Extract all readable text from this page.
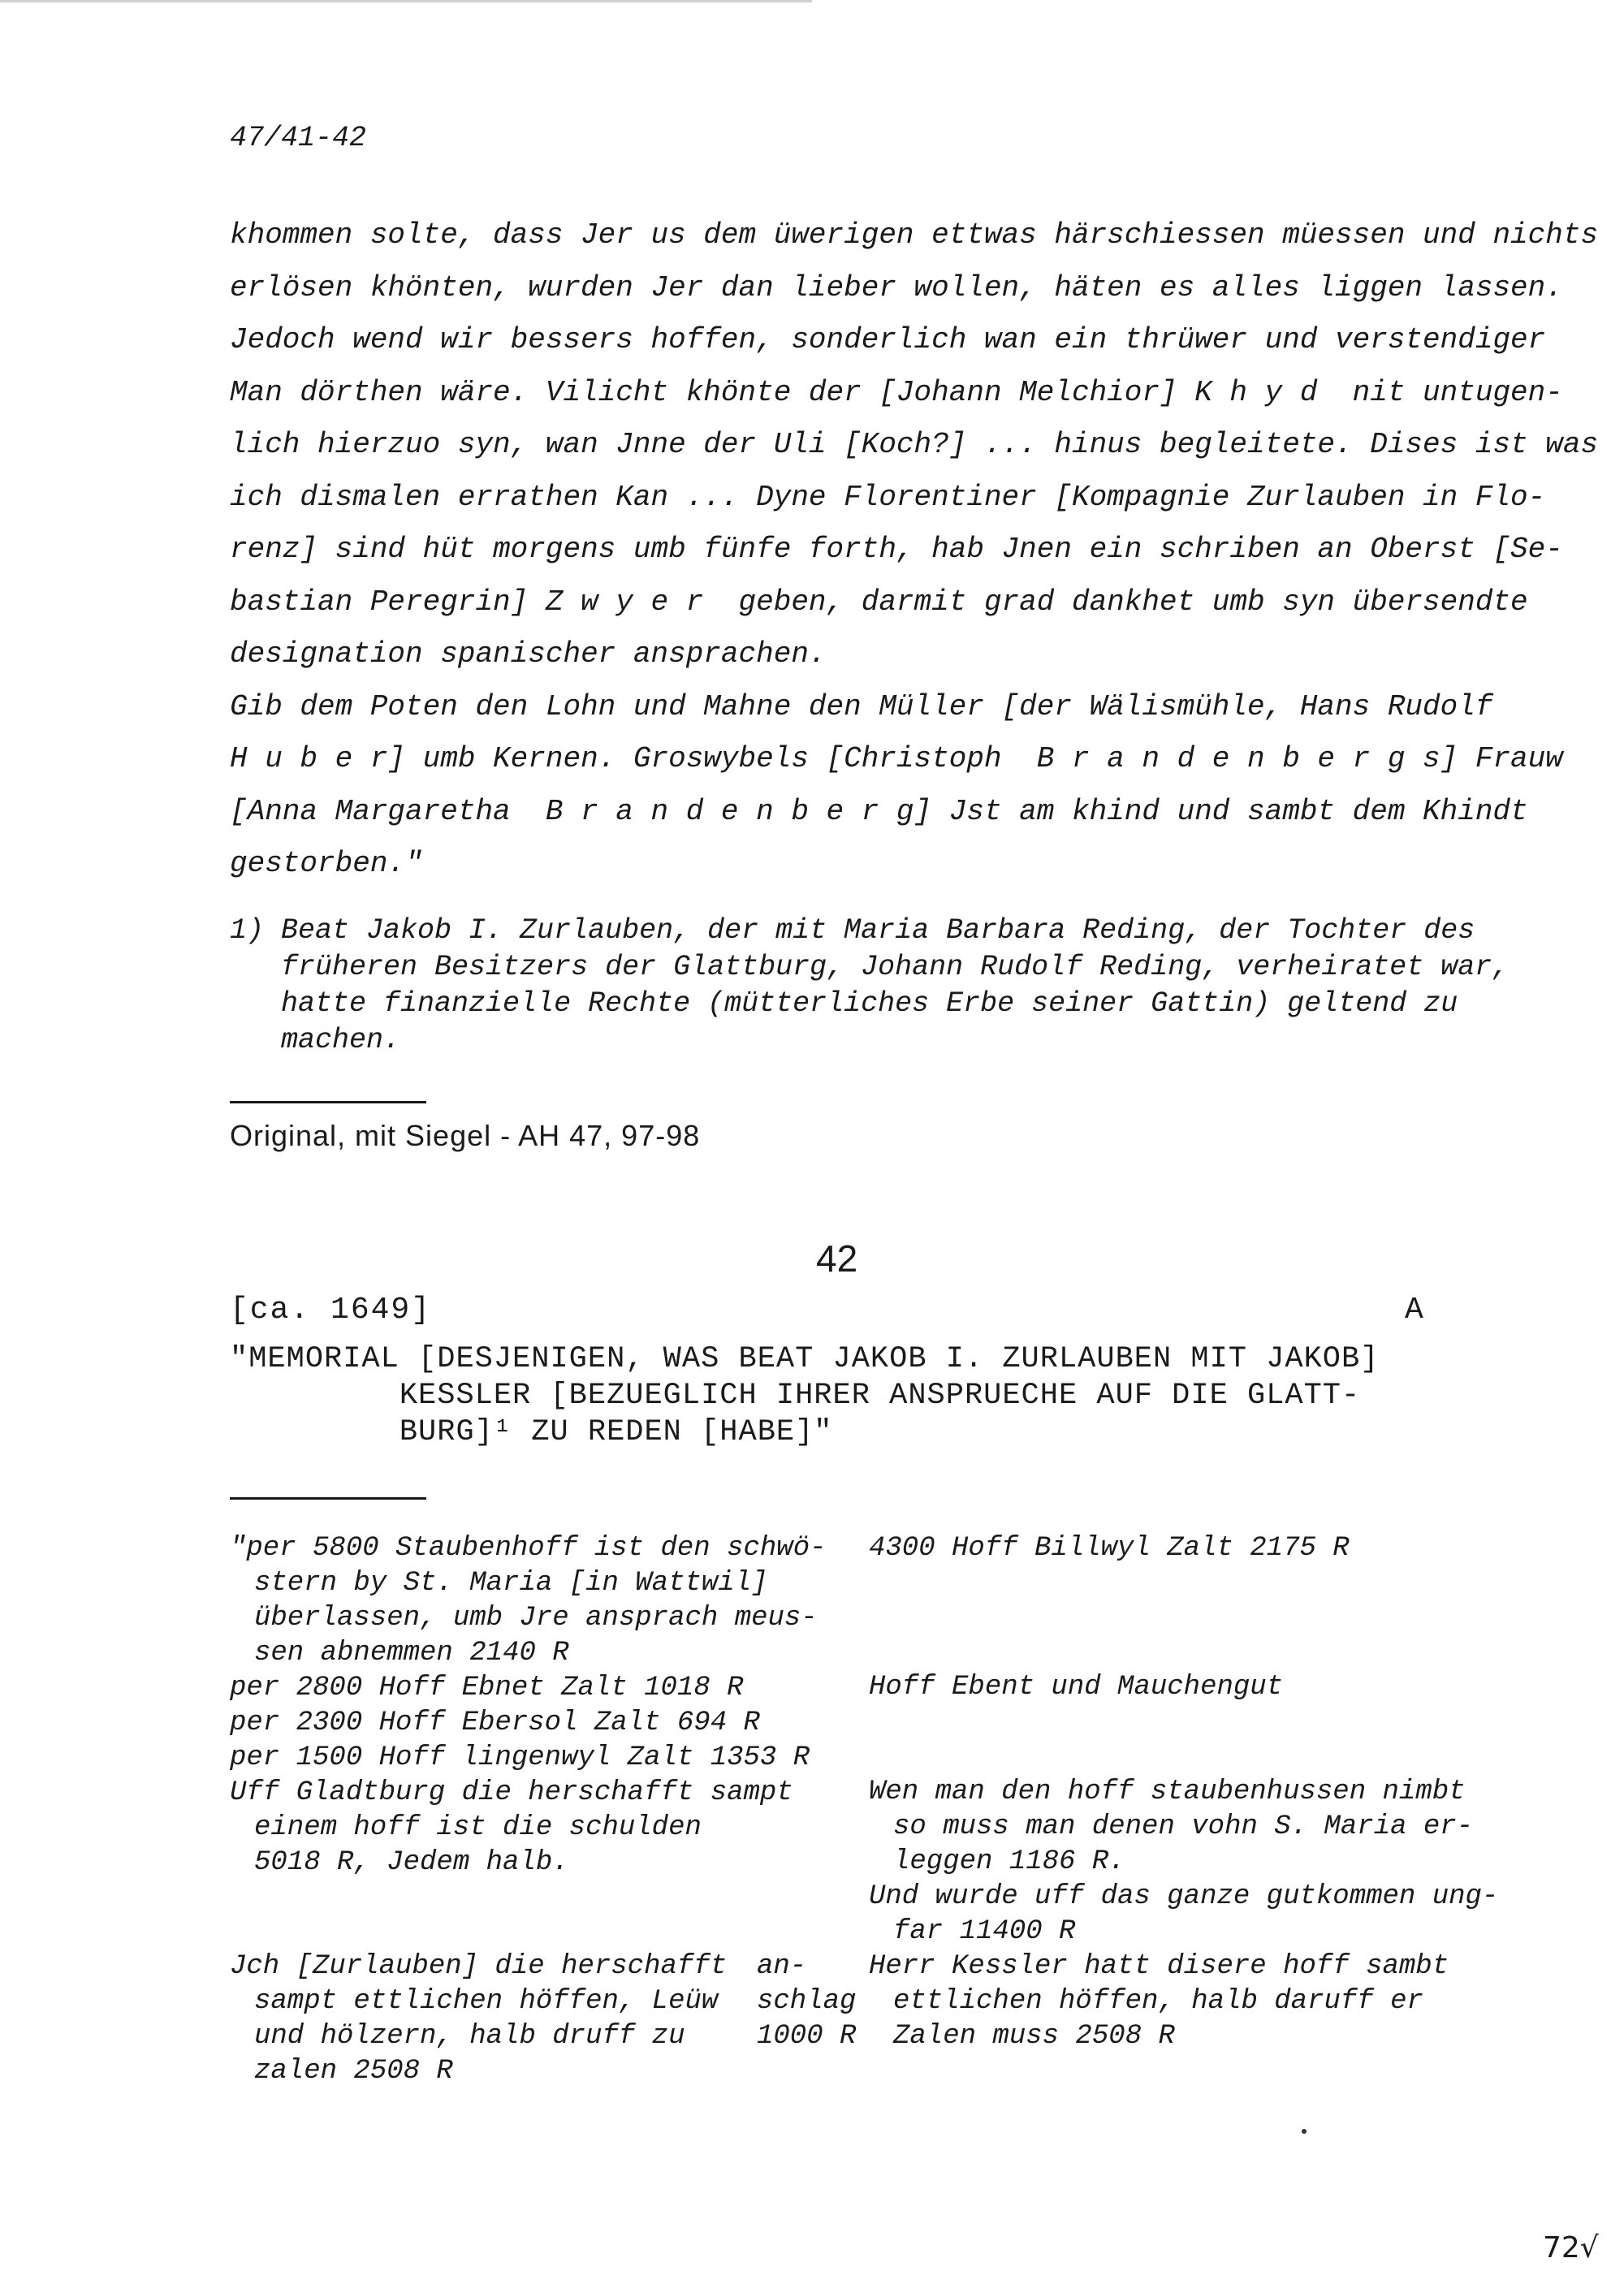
47/41-42
khommen solte, dass Jer us dem üwerigen ettwas härschiessen müessen und nichts
erlösen khönten, wurden Jer dan lieber wollen, häten es alles liggen lassen.
Jedoch wend wir bessers hoffen, sonderlich wan ein thrüwer und verstendiger
Man dörthen wäre. Vilicht khönte der [Johann Melchior] K h y d  nit untugen-
lich hierzuo syn, wan Jnne der Uli [Koch?] ... hinus begleitete. Dises ist was
ich dismalen errathen Kan ... Dyne Florentiner [Kompagnie Zurlauben in Flo-
renz] sind hüt morgens umb fünfe forth, hab Jnen ein schriben an Oberst [Se-
bastian Peregrin] Z w y e r  geben, darmit grad dankhet umb syn übersendte
designation spanischer ansprachen.
Gib dem Poten den Lohn und Mahne den Müller [der Wälismühle, Hans Rudolf
H u b e r] umb Kernen. Groswybels [Christoph  B r a n d e n b e r g s] Frauw
[Anna Margaretha  B r a n d e n b e r g] Jst am khind und sambt dem Khindt
gestorben."
1) Beat Jakob I. Zurlauben, der mit Maria Barbara Reding, der Tochter des
früheren Besitzers der Glattburg, Johann Rudolf Reding, verheiratet war,
hatte finanzielle Rechte (mütterliches Erbe seiner Gattin) geltend zu
machen.
Original, mit Siegel - AH 47, 97-98
42
[ca. 1649]	A
"MEMORIAL [DESJENIGEN, WAS BEAT JAKOB I. ZURLAUBEN MIT JAKOB]
KESSLER [BEZUEGLICH IHRER ANSPRUECHE AUF DIE GLATT-
BURG]¹ ZU REDEN [HABE]"
"per 5800 Staubenhoff ist den schwö-
stern by St. Maria [in Wattwil]
überlassen, umb Jre ansprach meus-
sen abnemmen 2140 R
per 2800 Hoff Ebnet Zalt 1018 R
per 2300 Hoff Ebersol Zalt 694 R
per 1500 Hoff lingenwyl Zalt 1353 R
Uff Gladtburg die herschafft sampt
einem hoff ist die schulden
5018 R, Jedem halb.
Jch [Zurlauben] die herschafft
sampt ettlichen höffen, Leüw
und hölzern, halb druff zu
zalen 2508 R
an-
schlag
1000 R
4300 Hoff Billwyl Zalt 2175 R
Hoff Ebent und Mauchengut
Wen man den hoff staubenhussen nimbt
so muss man denen vohn S. Maria er-
leggen 1186 R.
Und wurde uff das ganze gutkommen ung-
far 11400 R
Herr Kessler hatt disere hoff sambt
ettlichen höffen, halb daruff er
Zalen muss 2508 R
72√
